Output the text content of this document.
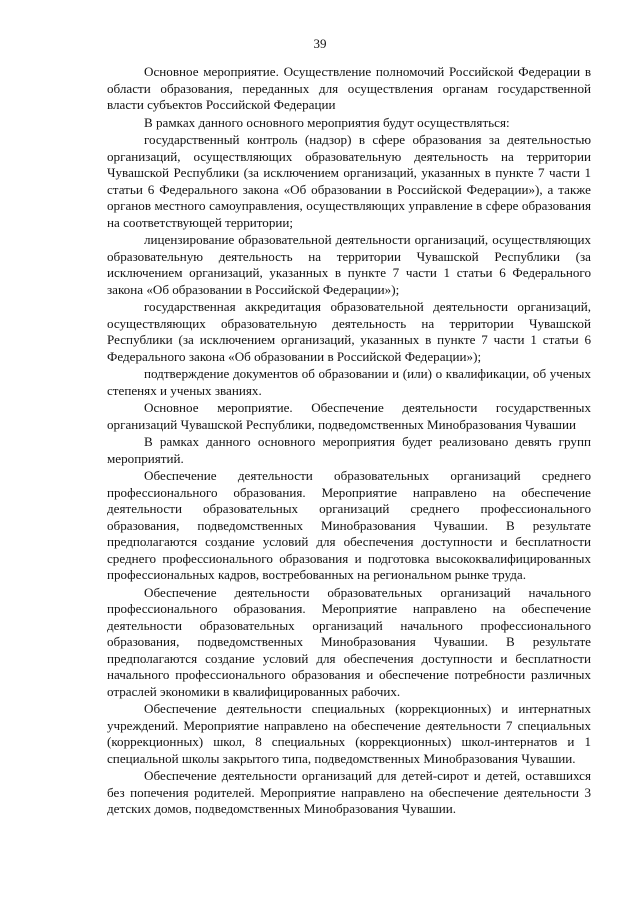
39

Основное мероприятие. Осуществление полномочий Российской Федерации в области образования, переданных для осуществления органам государственной власти субъектов Российской Федерации

В рамках данного основного мероприятия будут осуществляться:

государственный контроль (надзор) в сфере образования за деятельностью организаций, осуществляющих образовательную деятельность на территории Чувашской Республики (за исключением организаций, указанных в пункте 7 части 1 статьи 6 Федерального закона «Об образовании в Российской Федерации»), а также органов местного самоуправления, осуществляющих управление в сфере образования на соответствующей территории;

лицензирование образовательной деятельности организаций, осуществляющих образовательную деятельность на территории Чувашской Республики (за исключением организаций, указанных в пункте 7 части 1 статьи 6 Федерального закона «Об образовании в Российской Федерации»);

государственная аккредитация образовательной деятельности организаций, осуществляющих образовательную деятельность на территории Чувашской Республики (за исключением организаций, указанных в пункте 7 части 1 статьи 6 Федерального закона «Об образовании в Российской Федерации»);

подтверждение документов об образовании и (или) о квалификации, об ученых степенях и ученых званиях.

Основное мероприятие. Обеспечение деятельности государственных организаций Чувашской Республики, подведомственных Минобразования Чувашии

В рамках данного основного мероприятия будет реализовано девять групп мероприятий.

Обеспечение деятельности образовательных организаций среднего профессионального образования. Мероприятие направлено на обеспечение деятельности образовательных организаций среднего профессионального образования, подведомственных Минобразования Чувашии. В результате предполагаются создание условий для обеспечения доступности и бесплатности среднего профессионального образования и подготовка высококвалифицированных профессиональных кадров, востребованных на региональном рынке труда.

Обеспечение деятельности образовательных организаций начального профессионального образования. Мероприятие направлено на обеспечение деятельности образовательных организаций начального профессионального образования, подведомственных Минобразования Чувашии. В результате предполагаются создание условий для обеспечения доступности и бесплатности начального профессионального образования и обеспечение потребности различных отраслей экономики в квалифицированных рабочих.

Обеспечение деятельности специальных (коррекционных) и интернатных учреждений. Мероприятие направлено на обеспечение деятельности 7 специальных (коррекционных) школ, 8 специальных (коррекционных) школ-интернатов и 1 специальной школы закрытого типа, подведомственных Минобразования Чувашии.

Обеспечение деятельности организаций для детей-сирот и детей, оставшихся без попечения родителей. Мероприятие направлено на обеспечение деятельности 3 детских домов, подведомственных Минобразования Чувашии.
